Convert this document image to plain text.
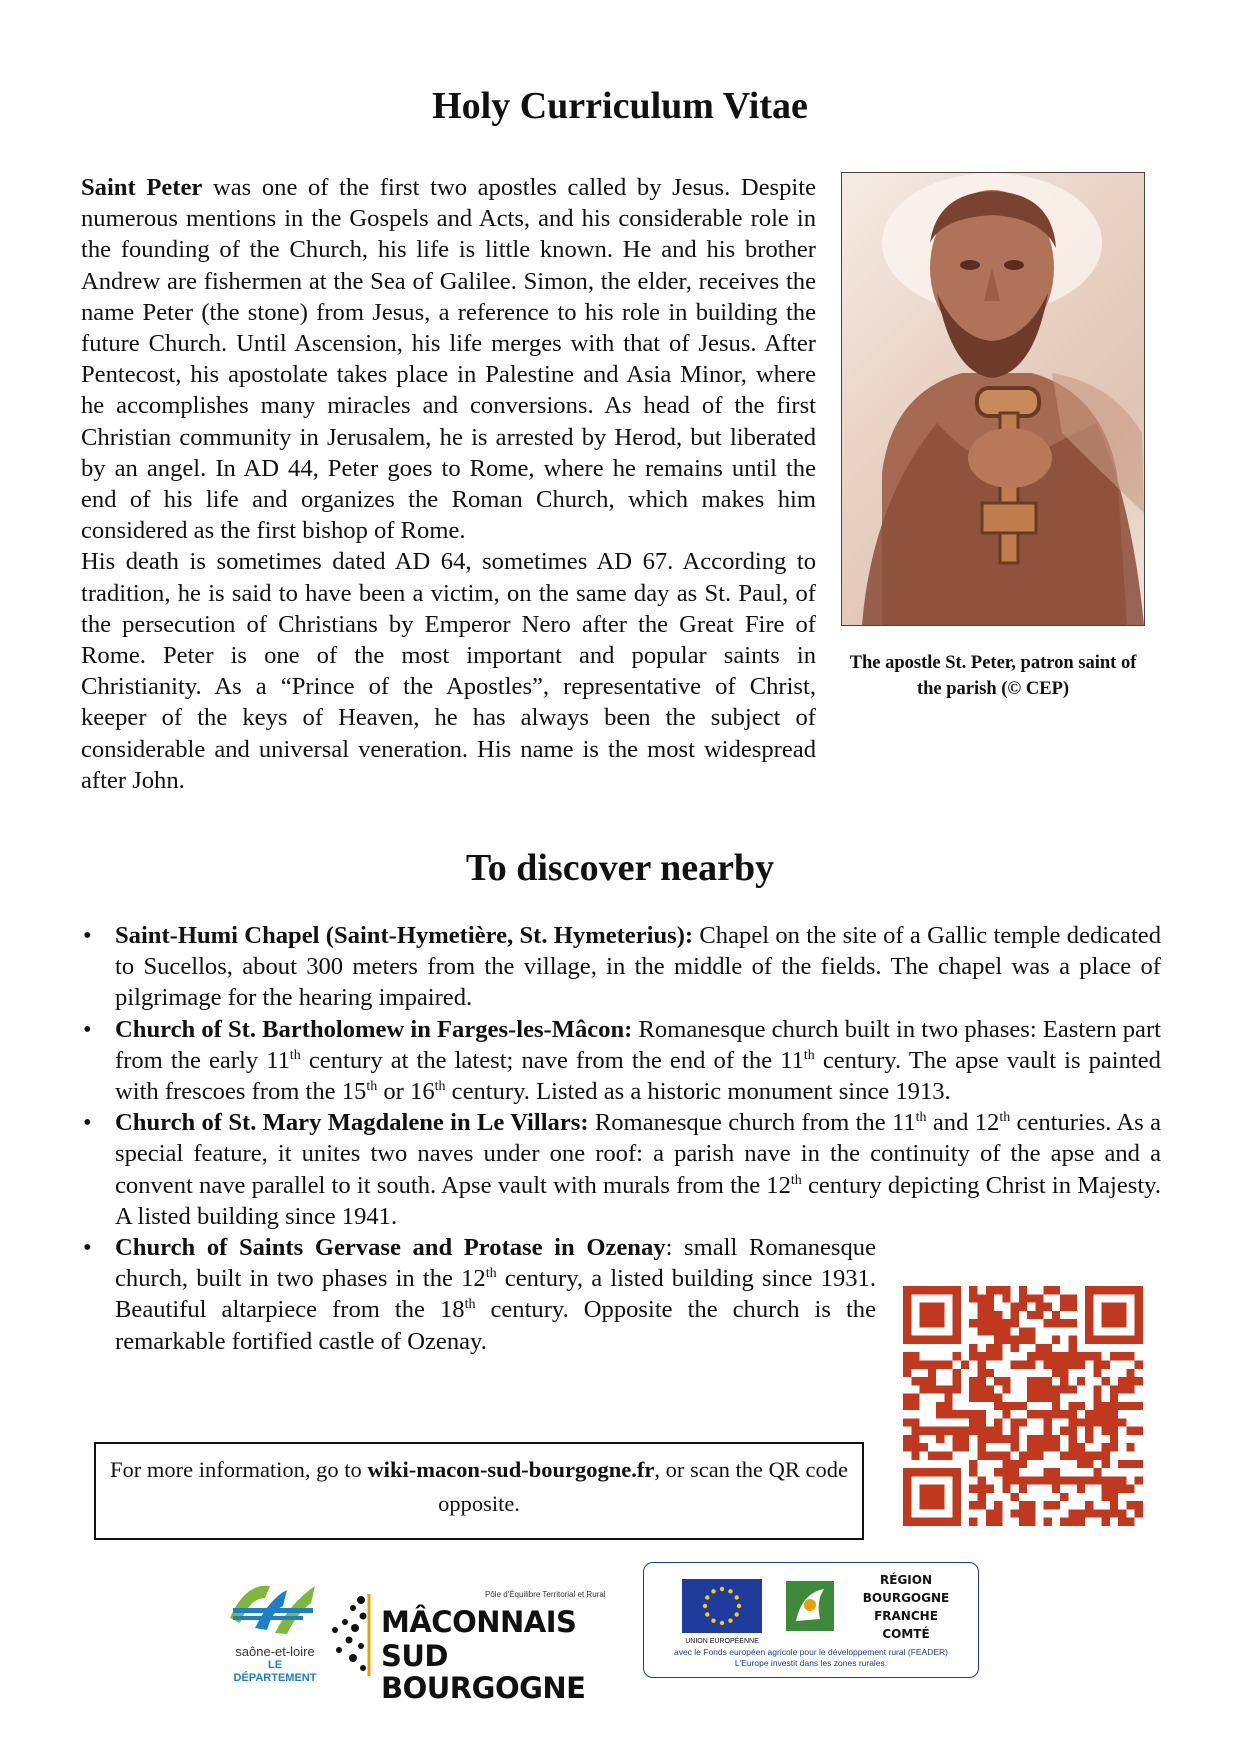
Holy Curriculum Vitae

Saint Peter was one of the first two apostles called by Jesus. Despite numerous mentions in the Gospels and Acts, and his considerable role in the founding of the Church, his life is little known. He and his brother Andrew are fishermen at the Sea of Galilee. Simon, the elder, receives the name Peter (the stone) from Jesus, a reference to his role in building the future Church. Until Ascension, his life merges with that of Jesus. After Pentecost, his apostolate takes place in Palestine and Asia Minor, where he accomplishes many miracles and conversions. As head of the first Christian community in Jerusalem, he is arrested by Herod, but liberated by an angel. In AD 44, Peter goes to Rome, where he remains until the end of his life and organizes the Roman Church, which makes him considered as the first bishop of Rome.

His death is sometimes dated AD 64, sometimes AD 67. According to tradition, he is said to have been a victim, on the same day as St. Paul, of the persecution of Christians by Emperor Nero after the Great Fire of Rome. Peter is one of the most important and popular saints in Christianity. As a “Prince of the Apostles”, representative of Christ, keeper of the keys of Heaven, he has always been the subject of considerable and universal veneration. His name is the most widespread after John.

The apostle St. Peter, patron saint of the parish (© CEP)
To discover nearby
• Saint-Humi Chapel (Saint-Hymetière, St. Hymeterius): Chapel on the site of a Gallic temple dedicated to Sucellos, about 300 meters from the village, in the middle of the fields. The chapel was a place of pilgrimage for the hearing impaired.
• Church of St. Bartholomew in Farges-les-Mâcon: Romanesque church built in two phases: Eastern part from the early 11th century at the latest; nave from the end of the 11th century. The apse vault is painted with frescoes from the 15th or 16th century. Listed as a historic monument since 1913.
• Church of St. Mary Magdalene in Le Villars: Romanesque church from the 11th and 12th centuries. As a special feature, it unites two naves under one roof: a parish nave in the continuity of the apse and a convent nave parallel to it south. Apse vault with murals from the 12th century depicting Christ in Majesty. A listed building since 1941.
• Church of Saints Gervase and Protase in Ozenay: small Romanesque church, built in two phases in the 12th century, a listed building since 1931. Beautiful altarpiece from the 18th century. Opposite the church is the remarkable fortified castle of Ozenay.
For more information, go to wiki-macon-sud-bourgogne.fr, or scan the QR code opposite.
saône-et-loire
LE DÉPARTEMENT
Pôle d'Équilibre Territorial et Rural
MÂCONNAIS
SUD BOURGOGNE
UNION EUROPÉENNE
RÉGION
BOURGOGNE
FRANCHE
COMTÉ
avec le Fonds européen agricole pour le développement rural (FEADER)
L'Europe investit dans les zones rurales.
